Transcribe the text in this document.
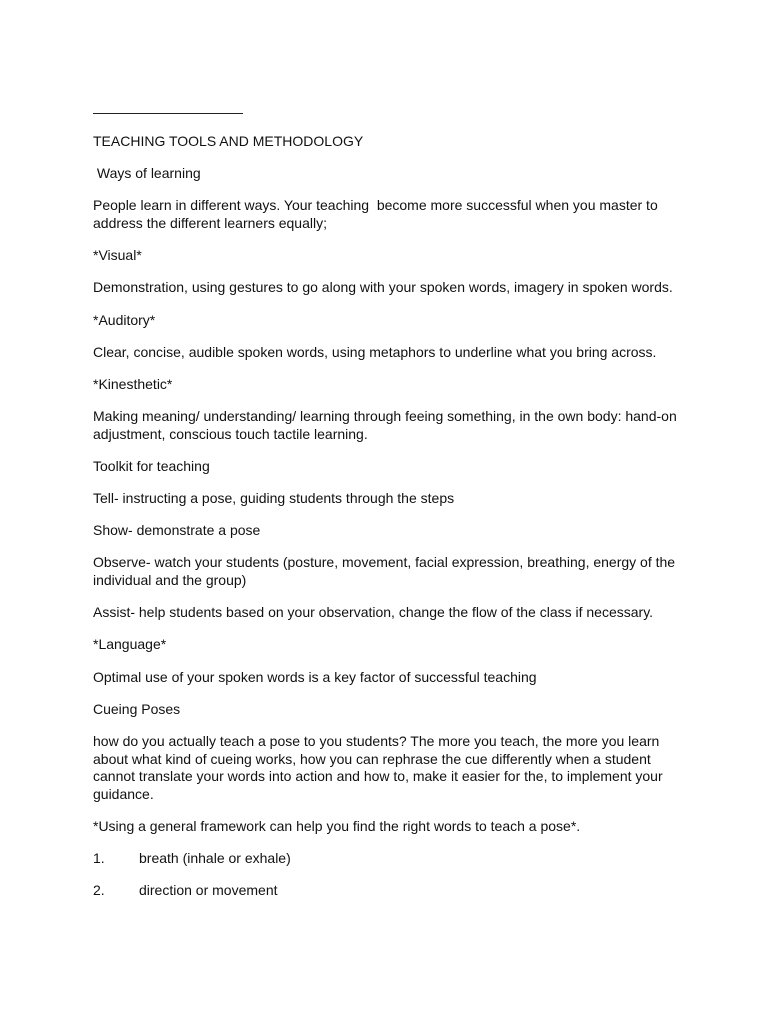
TEACHING TOOLS AND METHODOLOGY

Ways of learning

People learn in different ways. Your teaching  become more successful when you master to address the different learners equally;

*Visual*

Demonstration, using gestures to go along with your spoken words, imagery in spoken words.

*Auditory*

Clear, concise, audible spoken words, using metaphors to underline what you bring across.

*Kinesthetic*

Making meaning/ understanding/ learning through feeing something, in the own body: hand-on adjustment, conscious touch tactile learning.

Toolkit for teaching

Tell- instructing a pose, guiding students through the steps

Show- demonstrate a pose

Observe- watch your students (posture, movement, facial expression, breathing, energy of the individual and the group)

Assist- help students based on your observation, change the flow of the class if necessary.

*Language*

Optimal use of your spoken words is a key factor of successful teaching

Cueing Poses

how do you actually teach a pose to you students? The more you teach, the more you learn about what kind of cueing works, how you can rephrase the cue differently when a student cannot translate your words into action and how to, make it easier for the, to implement your guidance.

*Using a general framework can help you find the right words to teach a pose*.

1.	breath (inhale or exhale)
2.	direction or movement
